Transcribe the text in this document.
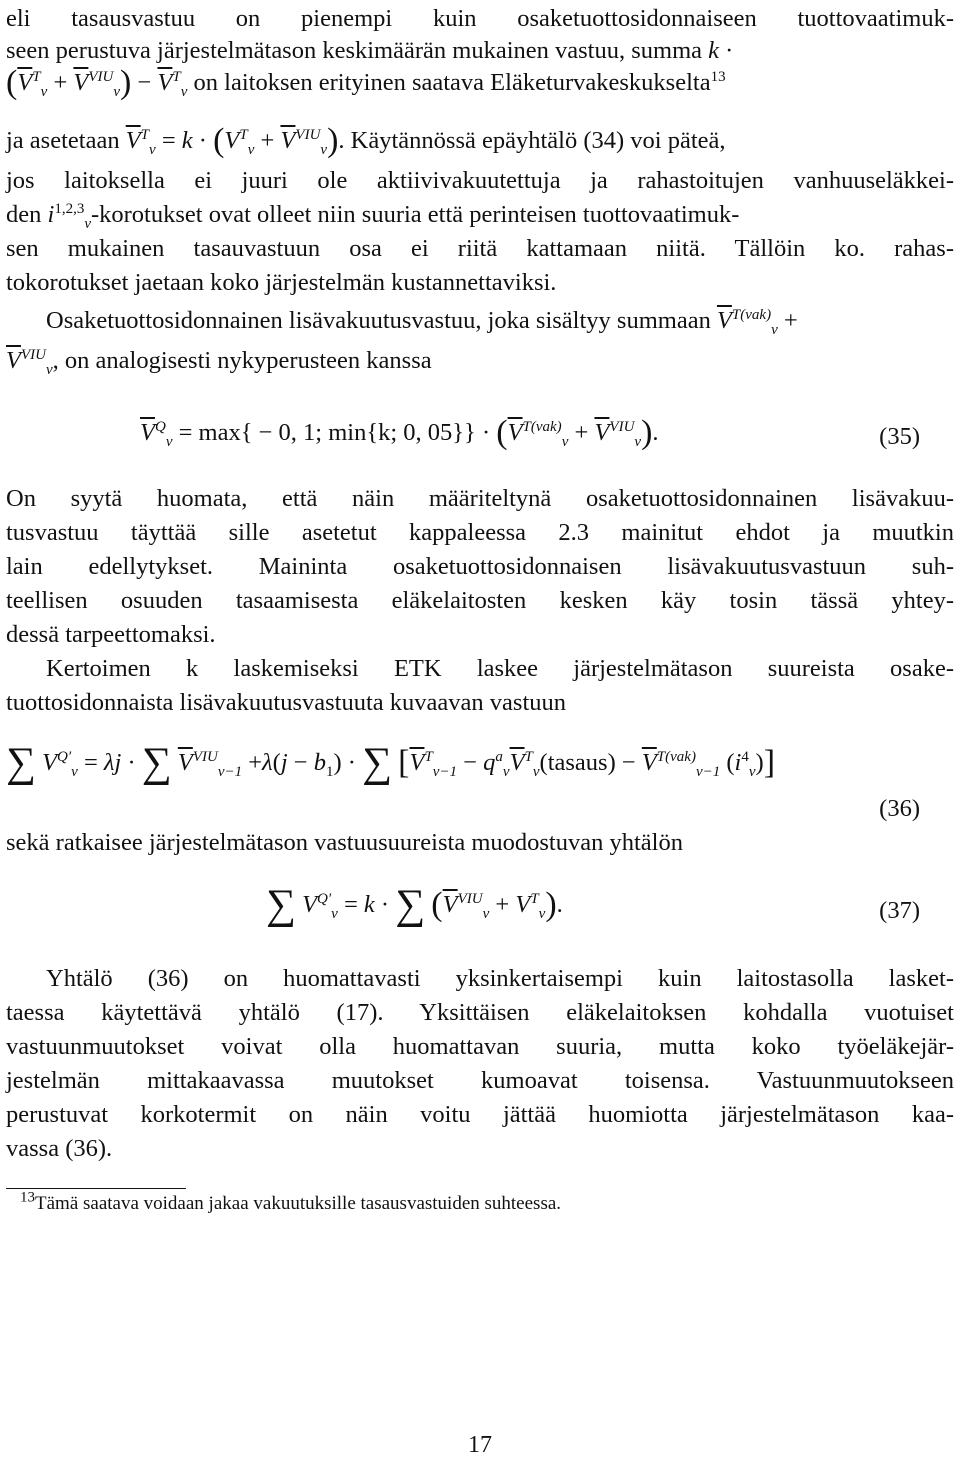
eli tasausvastuu on pienempi kuin osaketuottosidonnaiseen tuottovaatimuk-
seen perustuva järjestelmätason keskimäärän mukainen vastuu, summa k ·
$(\overline{V}^T_v + \overline{V}^{VIU}_v) - \overline{V}^T_v$ on laitoksen erityinen saatava Eläketurvakeskukselta$^{13}$
ja asetetaan $\overline{V}^T_v = k \cdot (V^T_v + \overline{V}^{VIU}_v)$. Käytännössä epäyhtälö (34) voi päteä,
jos laitoksella ei juuri ole aktiivivakuutettuja ja rahastoitujen vanhuuseläkkei-
den $i^{1,2,3}_v$-korotukset ovat olleet niin suuria että perinteisen tuottovaatimuk-
sen mukainen tasauvastuun osa ei riitä kattamaan niitä. Tällöin ko. rahas-
tokorotukset jaetaan koko järjestelmän kustannettaviksi.
Osaketuottosidonnainen lisävakuutusvastuu, joka sisältyy summaan $\overline{V}^{T(vak)}_v$ +
$\overline{V}^{VIU}_v$, on analogisesti nykyperusteen kanssa
$\overline{V}^Q_v = \max\{ - 0$, 1; min{k; 0, $05\}\} \cdot (\overline{V}^{T(vak)}_v + \overline{V}^{VIU}_v)$.	(35)
On syytä huomata, että näin määriteltynä osaketuottosidonnainen lisävakuu-
tusvastuu täyttää sille asetetut kappaleessa 2.3 mainitut ehdot ja muutkin
lain edellytykset. Maininta osaketuottosidonnaisen lisävakuutusvastuun suh-
teellisen osuuden tasaamisesta eläkelaitosten kesken käy tosin tässä yhtey-
dessä tarpeettomaksi.
Kertoimen k laskemiseksi ETK laskee järjestelmätason suureista osake-
tuottosidonnaista lisävakuutusvastuuta kuvaavan vastuun
∑ $V^{Q'}_v = \lambda j$ · ∑ $\overline{V}^{VIU}_{v-1} +\lambda(j - b_1)$ · ∑ [$\overline{V}^T_{v-1}$ − $q^a_v\overline{V}^T_v(tasaus) - \overline{V}^{T(vak)}_{v-1}$ $(i^4_v)$]
(36)
sekä ratkaisee järjestelmätason vastuusuureista muodostuvan yhtälön
∑ $V^{Q'}_v = k$ · ∑ $(\overline{V}^{VIU}_v + V^T_v)$.	(37)
Yhtälö (36) on huomattavasti yksinkertaisempi kuin laitostasolla lasket-
taessa käytettävä yhtälö (17). Yksittäisen eläkelaitoksen kohdalla vuotuiset
vastuunmuutokset voivat olla huomattavan suuria, mutta koko työeläkejär-
jestelmän mittakaavassa muutokset kumoavat toisensa. Vastuunmuutokseen
perustuvat korkotermit on näin voitu jättää huomiotta järjestelmätason kaa-
vassa (36).
$^{13}$Tämä saatava voidaan jakaa vakuutuksille tasausvastuiden suhteessa.
17
